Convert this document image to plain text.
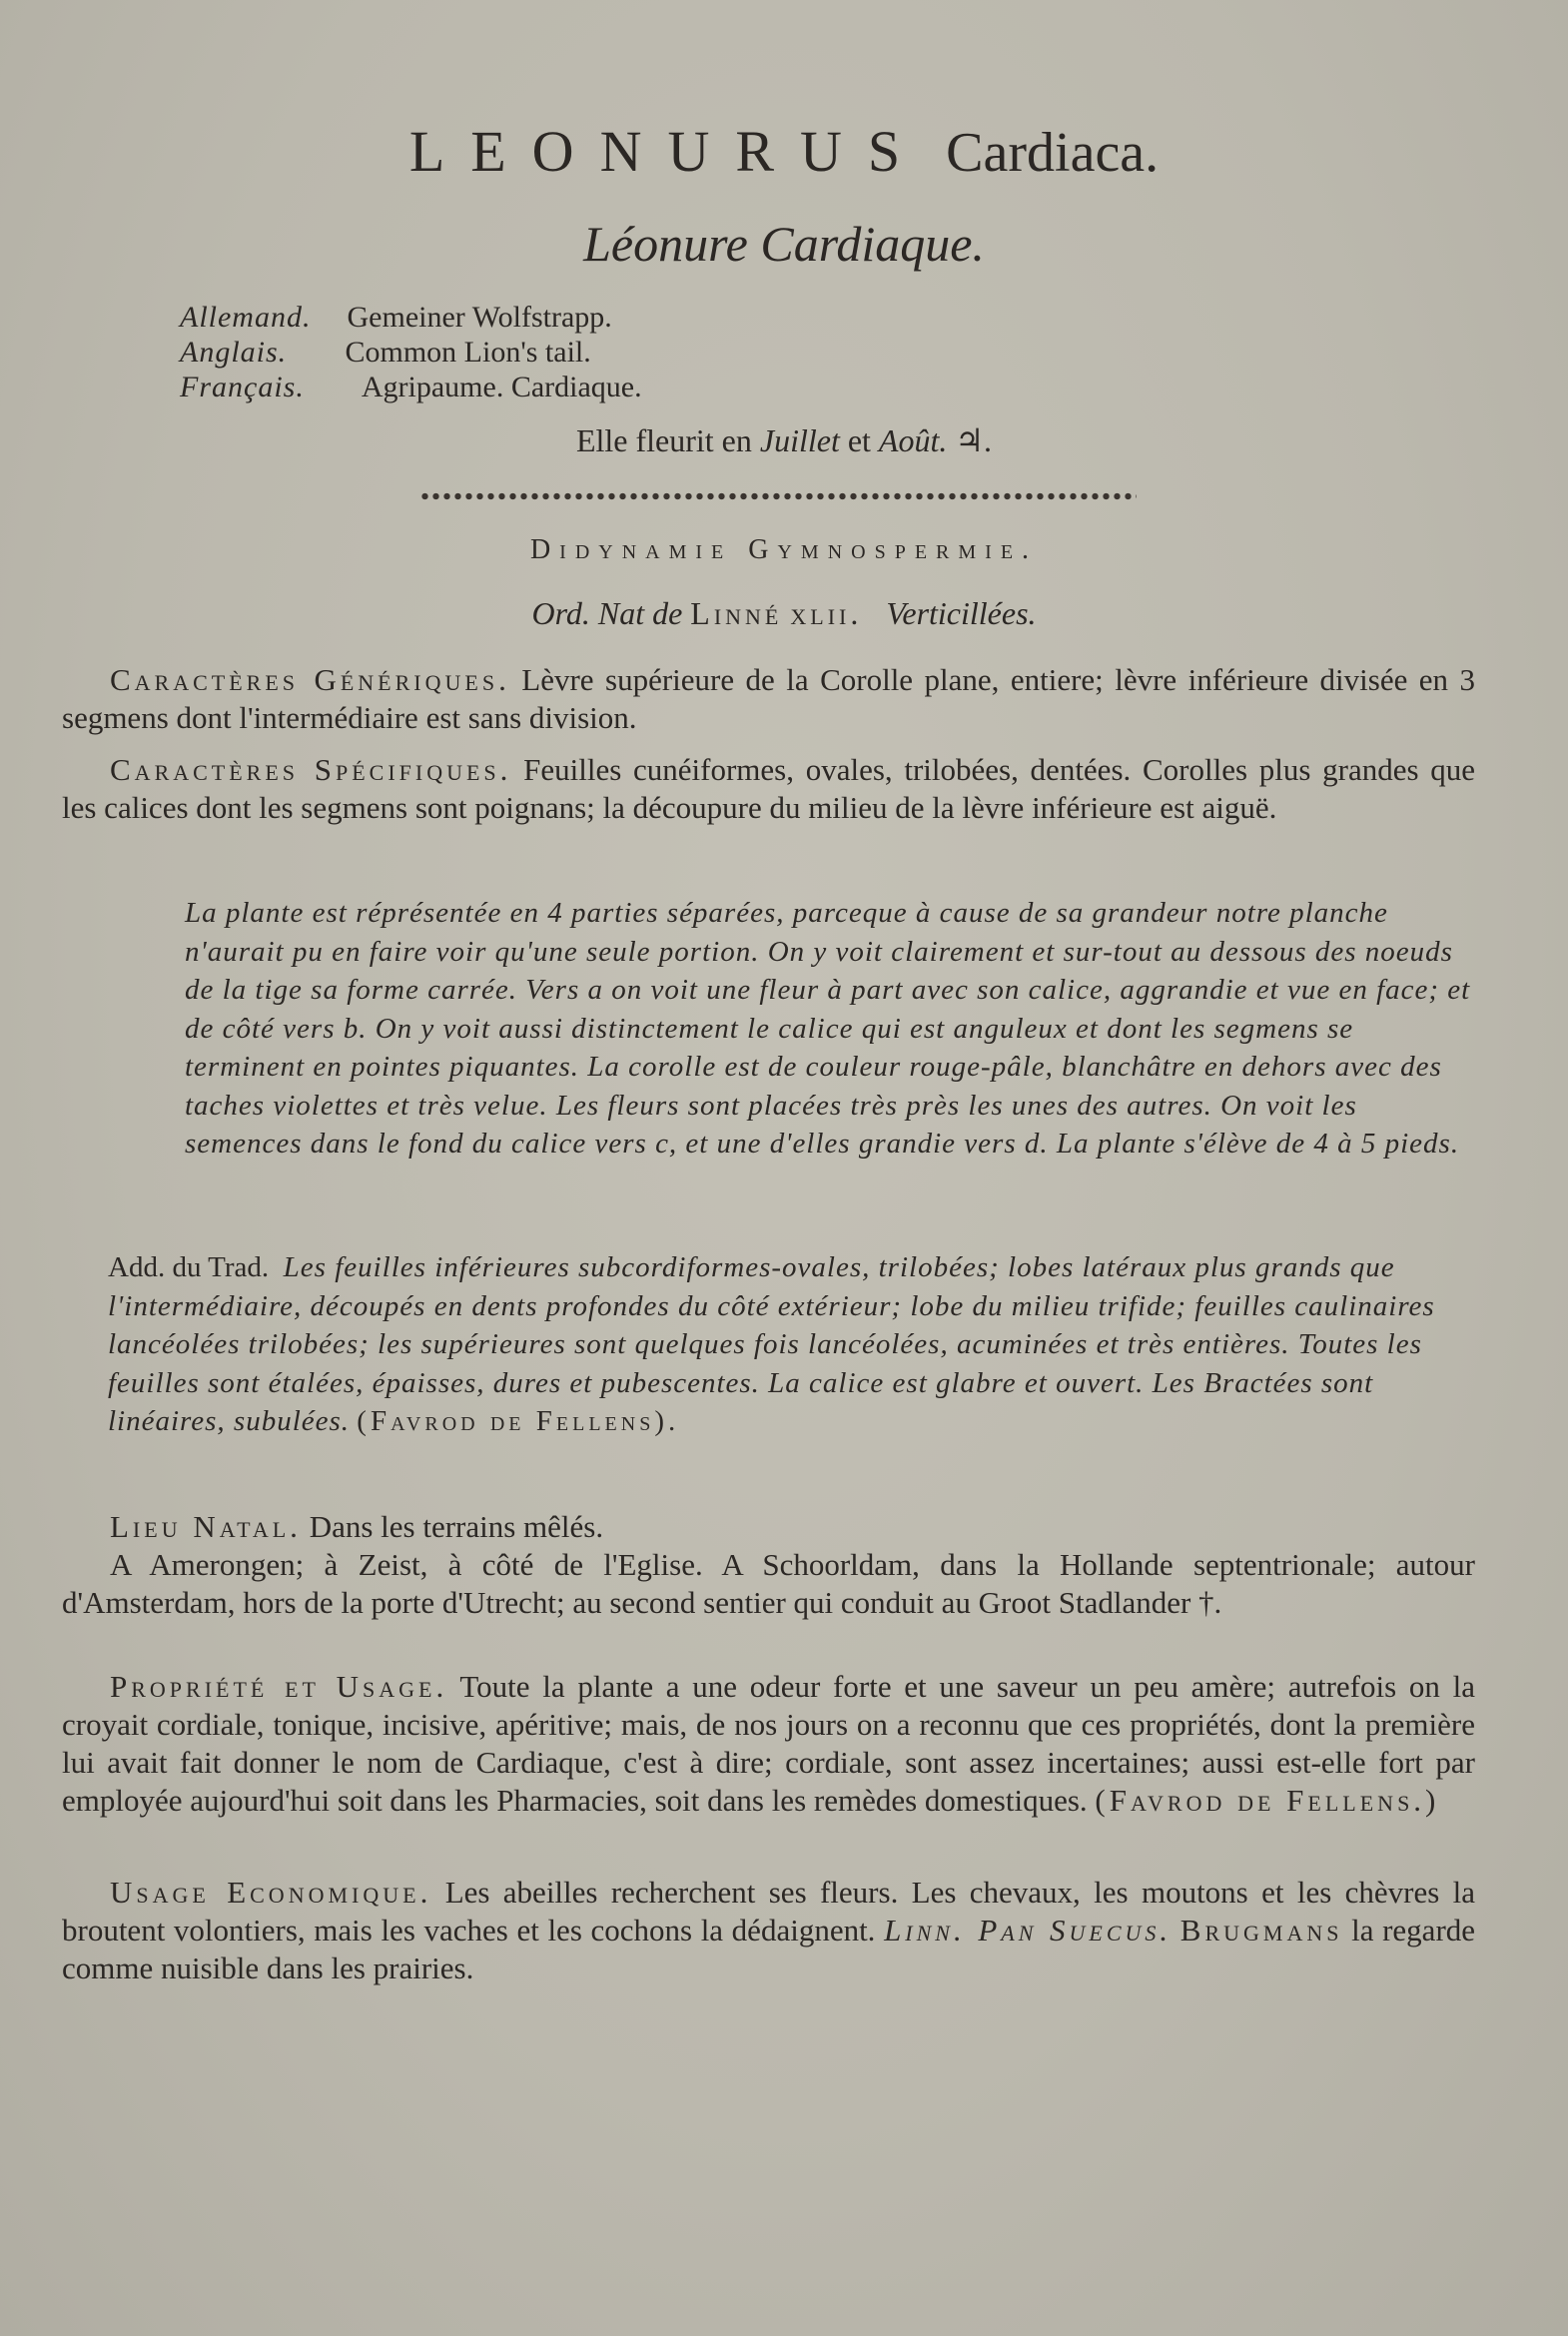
LEONURUS Cardiaca.
Léonure Cardiaque.
Allemand. Gemeiner Wolfstrapp.
Anglais. Common Lion's tail.
Français. Agripaume. Cardiaque.
Elle fleurit en Juillet et Août. ♃.
Didynamie Gymnospermie.
Ord. Nat de Linné xlii. Verticillées.
Caractères Génériques. Lèvre supérieure de la Corolle plane, entiere; lèvre inférieure divisée en 3 segmens dont l'intermédiaire est sans division.
Caractères Spécifiques. Feuilles cunéiformes, ovales, trilobées, dentées. Corolles plus grandes que les calices dont les segmens sont poignans; la découpure du milieu de la lèvre inférieure est aiguë.
La plante est réprésentée en 4 parties séparées, parceque à cause de sa grandeur notre planche n'aurait pu en faire voir qu'une seule portion. On y voit clairement et sur-tout au dessous des noeuds de la tige sa forme carrée. Vers a on voit une fleur à part avec son calice, aggrandie et vue en face; et de côté vers b. On y voit aussi distinctement le calice qui est anguleux et dont les segmens se terminent en pointes piquantes. La corolle est de couleur rouge-pâle, blanchâtre en dehors avec des taches violettes et très velue. Les fleurs sont placées très près les unes des autres. On voit les semences dans le fond du calice vers c, et une d'elles grandie vers d. La plante s'élève de 4 à 5 pieds.
Add. du Trad. Les feuilles inférieures subcordiformes-ovales, trilobées; lobes latéraux plus grands que l'intermédiaire, découpés en dents profondes du côté extérieur; lobe du milieu trifide; feuilles caulinaires lancéolées trilobées; les supérieures sont quelques fois lancéolées, acuminées et très entières. Toutes les feuilles sont étalées, épaisses, dures et pubescentes. La calice est glabre et ouvert. Les Bractées sont linéaires, subulées. (Favrod de Fellens).
Lieu Natal. Dans les terrains mêlés.
A Amerongen; à Zeist, à côté de l'Eglise. A Schoorldam, dans la Hollande septentrionale; autour d'Amsterdam, hors de la porte d'Utrecht; au second sentier qui conduit au Groot Stadlander †.
Propriété et Usage. Toute la plante a une odeur forte et une saveur un peu amère; autrefois on la croyait cordiale, tonique, incisive, apéritive; mais, de nos jours on a reconnu que ces propriétés, dont la première lui avait fait donner le nom de Cardiaque, c'est à dire; cordiale, sont assez incertaines; aussi est-elle fort par employée aujourd'hui soit dans les Pharmacies, soit dans les remèdes domestiques. (Favrod de Fellens.)
Usage Economique. Les abeilles recherchent ses fleurs. Les chevaux, les moutons et les chèvres la broutent volontiers, mais les vaches et les cochons la dédaignent. Linn. Pan Suecus. Brugmans la regarde comme nuisible dans les prairies.
